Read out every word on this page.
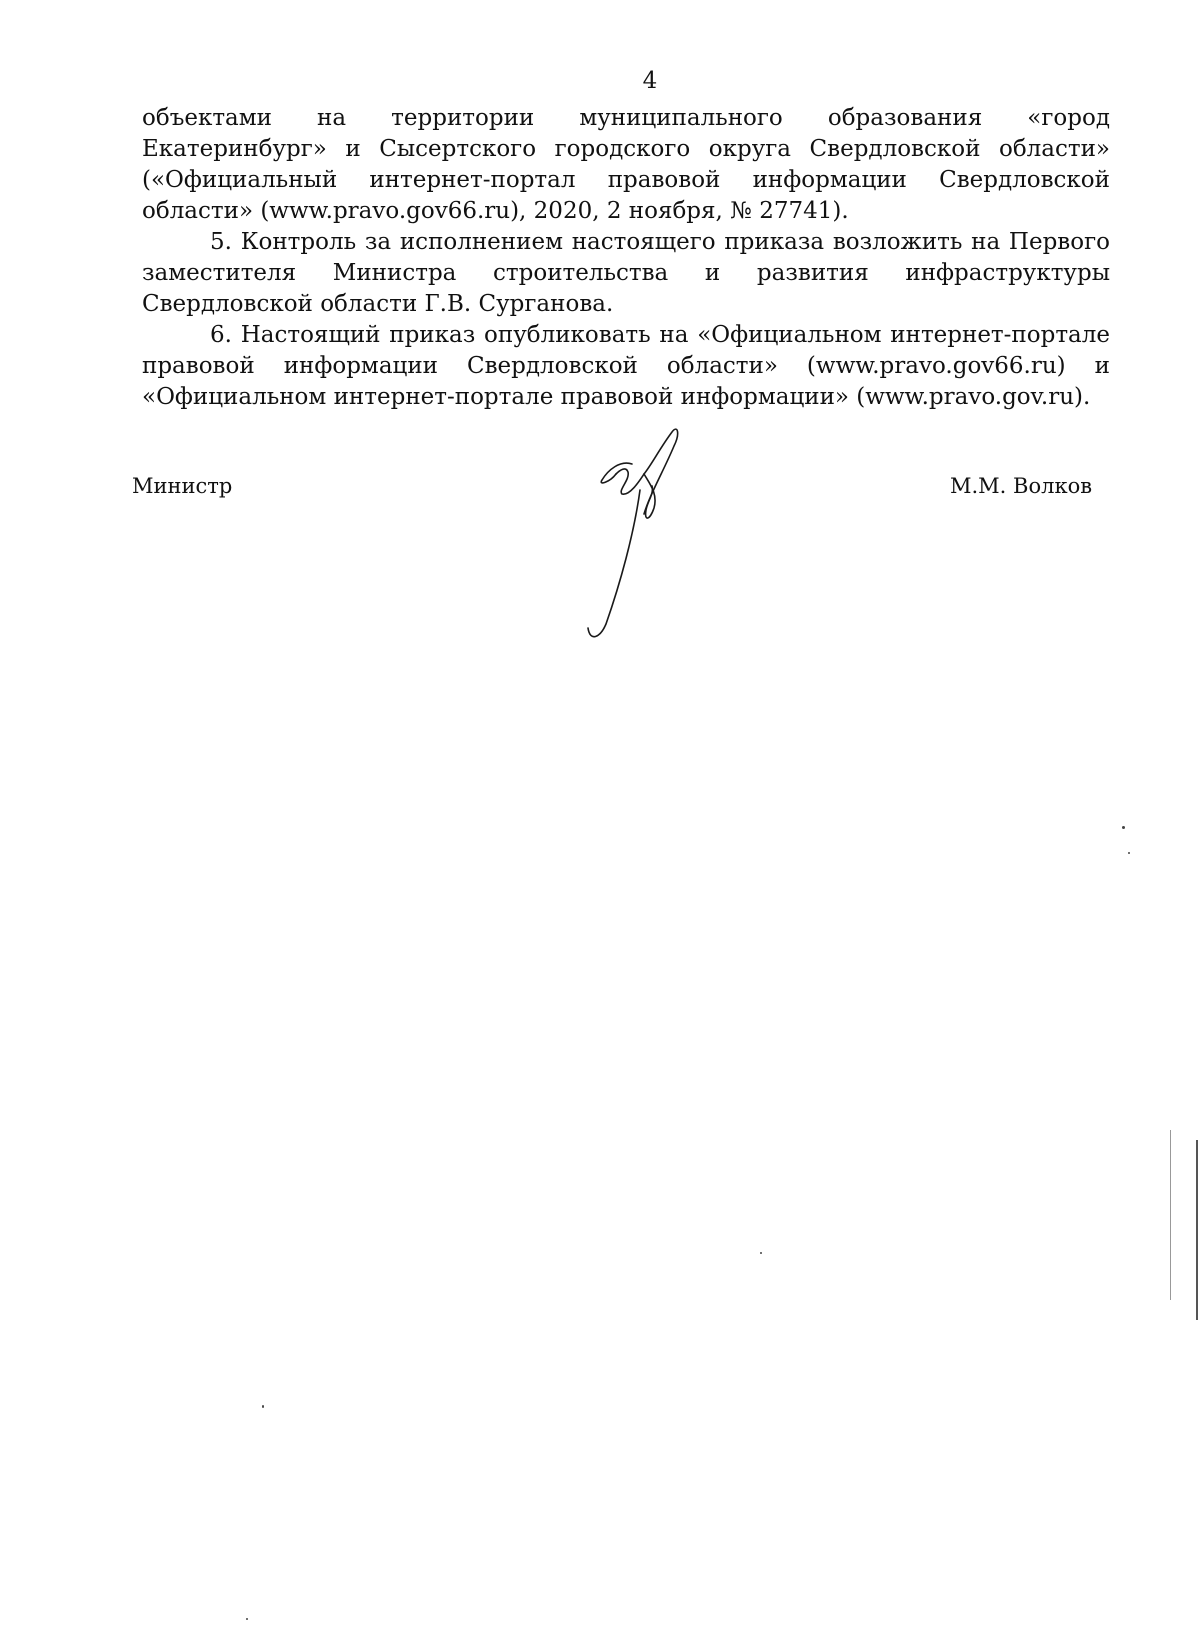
4

объектами на территории муниципального образования «город Екатеринбург» и Сысертского городского округа Свердловской области» («Официальный интернет-портал правовой информации Свердловской области» (www.pravo.gov66.ru), 2020, 2 ноября, № 27741).

5. Контроль за исполнением настоящего приказа возложить на Первого заместителя Министра строительства и развития инфраструктуры Свердловской области Г.В. Сурганова.

6. Настоящий приказ опубликовать на «Официальном интернет-портале правовой информации Свердловской области» (www.pravo.gov66.ru) и «Официальном интернет-портале правовой информации» (www.pravo.gov.ru).

Министр	М.М. Волков
